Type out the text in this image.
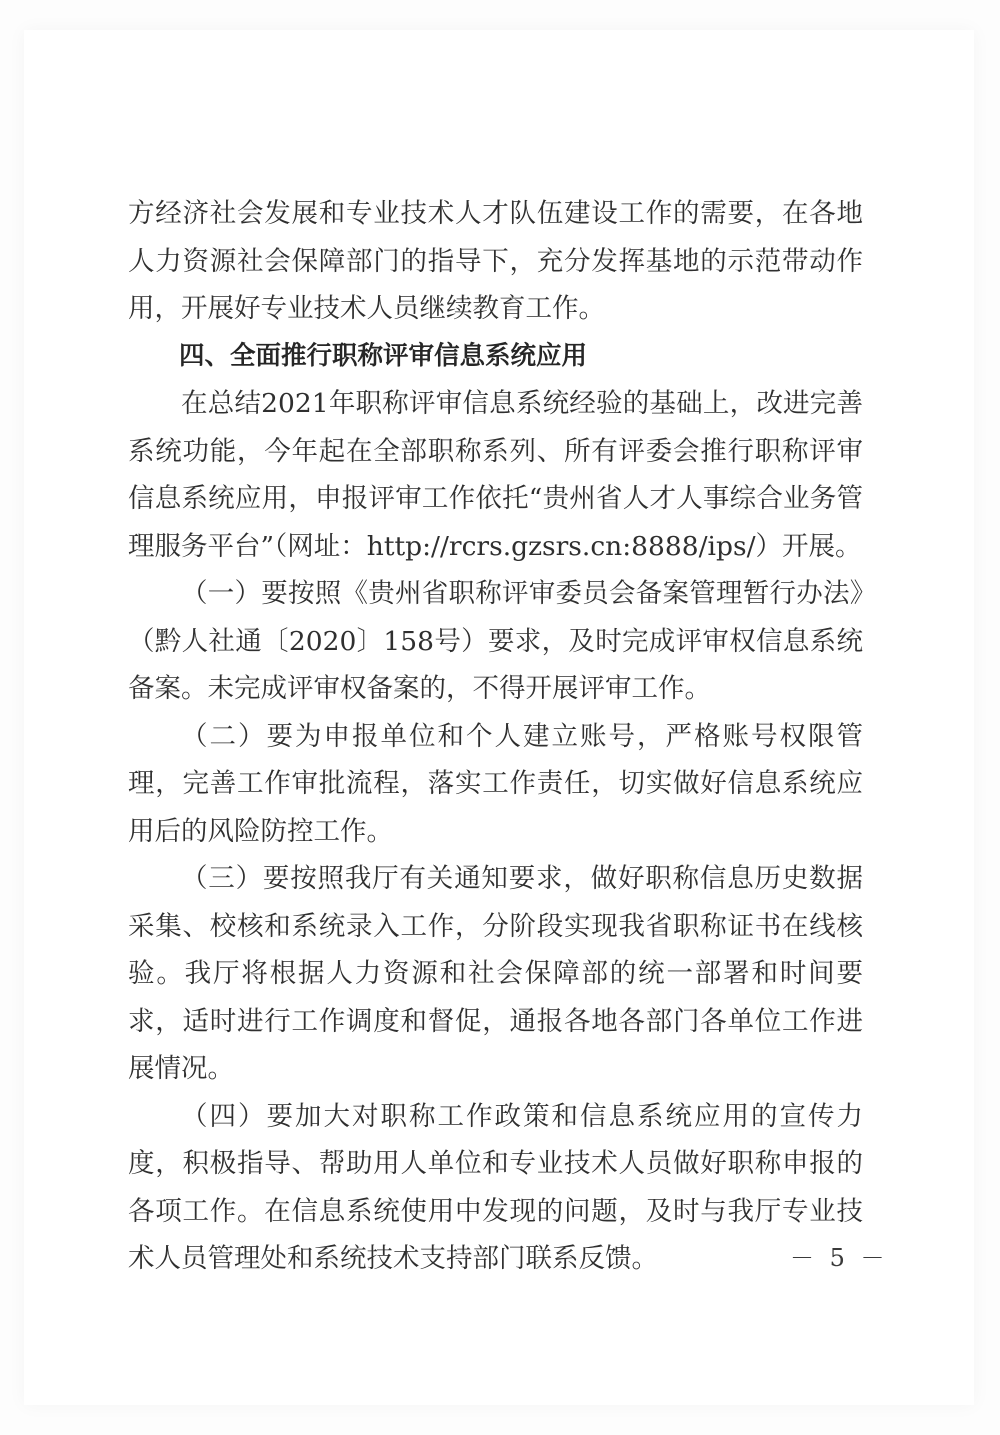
方经济社会发展和专业技术人才队伍建设工作的需要，在各地人力资源社会保障部门的指导下，充分发挥基地的示范带动作用，开展好专业技术人员继续教育工作。

四、全面推行职称评审信息系统应用

在总结2021年职称评审信息系统经验的基础上，改进完善系统功能，今年起在全部职称系列、所有评委会推行职称评审信息系统应用，申报评审工作依托“贵州省人才人事综合业务管理服务平台”（网址：http://rcrs.gzsrs.cn:8888/ips/）开展。

（一）要按照《贵州省职称评审委员会备案管理暂行办法》（黔人社通〔2020〕158号）要求，及时完成评审权信息系统备案。未完成评审权备案的，不得开展评审工作。

（二）要为申报单位和个人建立账号，严格账号权限管理，完善工作审批流程，落实工作责任，切实做好信息系统应用后的风险防控工作。

（三）要按照我厅有关通知要求，做好职称信息历史数据采集、校核和系统录入工作，分阶段实现我省职称证书在线核验。我厅将根据人力资源和社会保障部的统一部署和时间要求，适时进行工作调度和督促，通报各地各部门各单位工作进展情况。

（四）要加大对职称工作政策和信息系统应用的宣传力度，积极指导、帮助用人单位和专业技术人员做好职称申报的各项工作。在信息系统使用中发现的问题，及时与我厅专业技术人员管理处和系统技术支持部门联系反馈。	－ 5 －
